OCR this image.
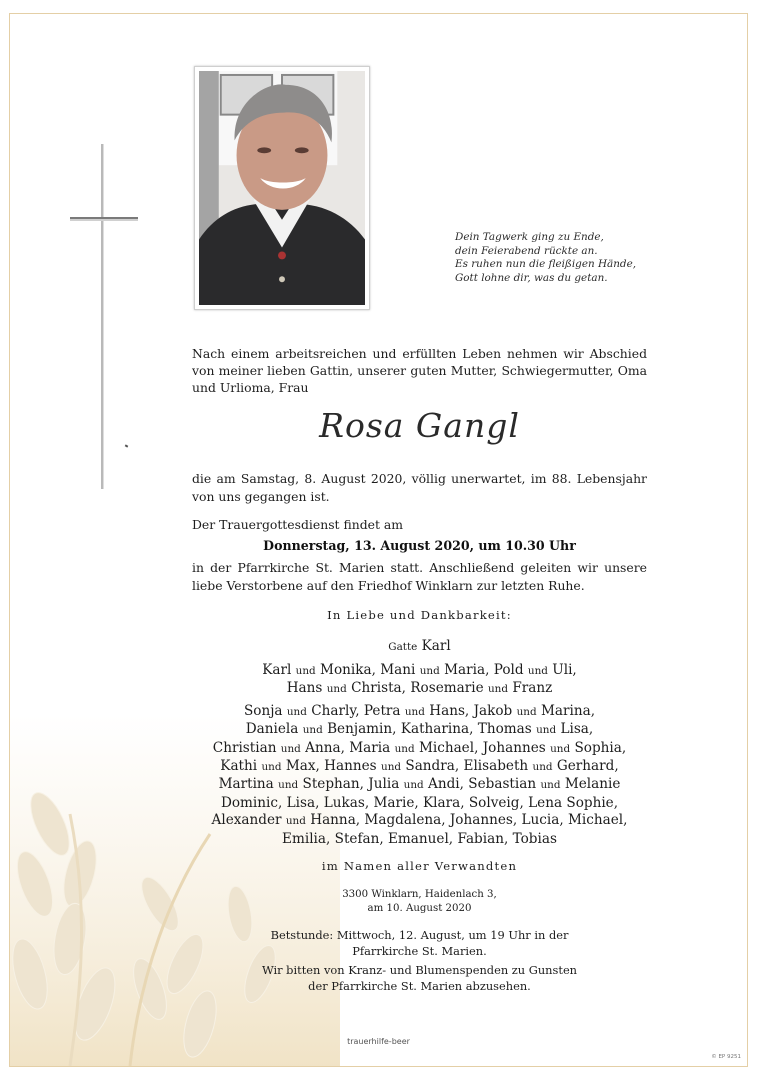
Dein Tagwerk ging zu Ende,
dein Feierabend rückte an.
Es ruhen nun die fleißigen Hände,
Gott lohne dir, was du getan.
Nach einem arbeitsreichen und erfüllten Leben nehmen wir Abschied von meiner lieben Gattin, unserer guten Mutter, Schwiegermutter, Oma und Urlioma, Frau
Rosa Gangl
die am Samstag, 8. August 2020, völlig unerwartet, im 88. Lebensjahr von uns gegangen ist.
Der Trauergottesdienst findet am
Donnerstag, 13. August 2020, um 10.30 Uhr
in der Pfarrkirche St. Marien statt. Anschließend geleiten wir unsere liebe Verstorbene auf den Friedhof Winklarn zur letzten Ruhe.
In Liebe und Dankbarkeit:
Gatte Karl
Karl und Monika, Mani und Maria, Pold und Uli,
Hans und Christa, Rosemarie und Franz
Sonja und Charly, Petra und Hans, Jakob und Marina,
Daniela und Benjamin, Katharina, Thomas und Lisa,
Christian und Anna, Maria und Michael, Johannes und Sophia,
Kathi und Max, Hannes und Sandra, Elisabeth und Gerhard,
Martina und Stephan, Julia und Andi, Sebastian und Melanie
Dominic, Lisa, Lukas, Marie, Klara, Solveig, Lena Sophie,
Alexander und Hanna, Magdalena, Johannes, Lucia, Michael,
Emilia, Stefan, Emanuel, Fabian, Tobias
im Namen aller Verwandten
3300 Winklarn, Haidenlach 3,
am 10. August 2020
Betstunde: Mittwoch, 12. August, um 19 Uhr in der
Pfarrkirche St. Marien.
Wir bitten von Kranz- und Blumenspenden zu Gunsten
der Pfarrkirche St. Marien abzusehen.
trauerhilfe-beer
© EP 9251
